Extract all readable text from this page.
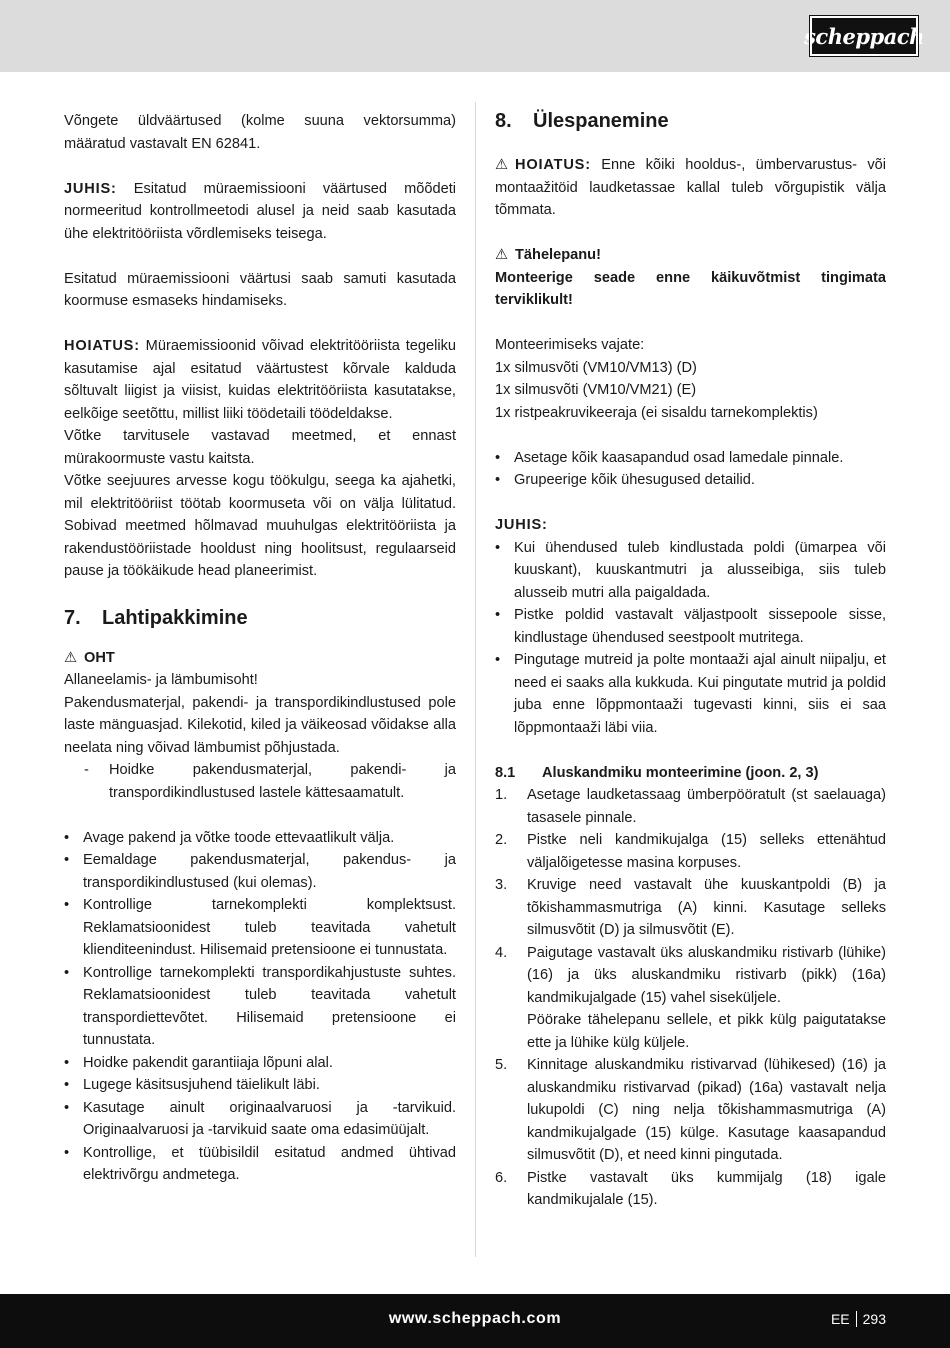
scheppach

Võngete üldväärtused (kolme suuna vektorsumma) määratud vastavalt EN 62841.

JUHIS: Esitatud müraemissiooni väärtused mõõdeti normeeritud kontrollmeetodi alusel ja neid saab kasutada ühe elektritööriista võrdlemiseks teisega.

Esitatud müraemissiooni väärtusi saab samuti kasutada koormuse esmaseks hindamiseks.

HOIATUS: Müraemissioonid võivad elektritööriista tegeliku kasutamise ajal esitatud väärtustest kõrvale kalduda sõltuvalt liigist ja viisist, kuidas elektritööriista kasutatakse, eelkõige seetõttu, millist liiki töödetaili töödeldakse.

Võtke tarvitusele vastavad meetmed, et ennast mürakoormuste vastu kaitsta.

Võtke seejuures arvesse kogu töökulgu, seega ka ajahetki, mil elektritööriist töötab koormuseta või on välja lülitatud. Sobivad meetmed hõlmavad muuhulgas elektritööriista ja rakendustööriistade hooldust ning hoolitsust, regulaarseid pause ja töökäikude head planeerimist.

7.	Lahtipakkimine

⚠ OHT

Allaneelamis- ja lämbumisoht!

Pakendusmaterjal, pakendi- ja transpordikindlustused pole laste mänguasjad. Kilekotid, kiled ja väikeosad võidakse alla neelata ning võivad lämbumist põhjustada.

- Hoidke pakendusmaterjal, pakendi- ja transpordikindlustused lastele kättesaamatult.
• Avage pakend ja võtke toode ettevaatlikult välja.
• Eemaldage pakendusmaterjal, pakendus- ja transpordikindlustused (kui olemas).
• Kontrollige tarnekomplekti komplektsust. Reklamatsioonidest tuleb teavitada vahetult klienditeenindust. Hilisemaid pretensioone ei tunnustata.
• Kontrollige tarnekomplekti transpordikahjustuste suhtes. Reklamatsioonidest tuleb teavitada vahetult transpordiettevõtet. Hilisemaid pretensioone ei tunnustata.
• Hoidke pakendit garantiiaja lõpuni alal.
• Lugege käsitsusjuhend täielikult läbi.
• Kasutage ainult originaalvaruosi ja -tarvikuid. Originaalvaruosi ja -tarvikuid saate oma edasimüüjalt.
• Kontrollige, et tüübisildil esitatud andmed ühtivad elektrivõrgu andmetega.
8.	Ülespanemine

⚠ HOIATUS: Enne kõiki hooldus-, ümbervarustus- või montaažitöid laudketassae kallal tuleb võrgupistik välja tõmmata.

⚠ Tähelepanu!

Monteerige seade enne käikuvõtmist tingimata terviklikult!

Monteerimiseks vajate:

1x silmusvõti (VM10/VM13) (D)

1x silmusvõti (VM10/VM21) (E)

1x ristpeakruvikeeraja (ei sisaldu tarnekomplektis)

• Asetage kõik kaasapandud osad lamedale pinnale.
• Grupeerige kõik ühesugused detailid.

JUHIS:

• Kui ühendused tuleb kindlustada poldi (ümarpea või kuuskant), kuuskantmutri ja alusseibiga, siis tuleb alusseib mutri alla paigaldada.
• Pistke poldid vastavalt väljastpoolt sissepoole sisse, kindlustage ühendused seestpoolt mutritega.
• Pingutage mutreid ja polte montaaži ajal ainult niipalju, et need ei saaks alla kukkuda. Kui pingutate mutrid ja poldid juba enne lõppmontaaži tugevasti kinni, siis ei saa lõppmontaaži läbi viia.

8.1	Aluskandmiku monteerimine (joon. 2, 3)

1. Asetage laudketassaag ümberpööratult (st saelauaga) tasasele pinnale.
2. Pistke neli kandmikujalga (15) selleks ettenähtud väljalõigetesse masina korpuses.
3. Kruvige need vastavalt ühe kuuskantpoldi (B) ja tõkishammasmutriga (A) kinni. Kasutage selleks silmusvõtit (D) ja silmusvõtit (E).
4. Paigutage vastavalt üks aluskandmiku ristivarb (lühike) (16) ja üks aluskandmiku ristivarb (pikk) (16a) kandmikujalgade (15) vahel siseküljele.
Pöörake tähelepanu sellele, et pikk külg paigutatakse ette ja lühike külg küljele.
5. Kinnitage aluskandmiku ristivarvad (lühikesed) (16) ja aluskandmiku ristivarvad (pikad) (16a) vastavalt nelja lukupoldi (C) ning nelja tõkishammasmutriga (A) kandmikujalgade (15) külge. Kasutage kaasapandud silmusvõtit (D), et need kinni pingutada.
6. Pistke vastavalt üks kummijalg (18) igale kandmikujalale (15).
www.scheppach.com	EE 293
